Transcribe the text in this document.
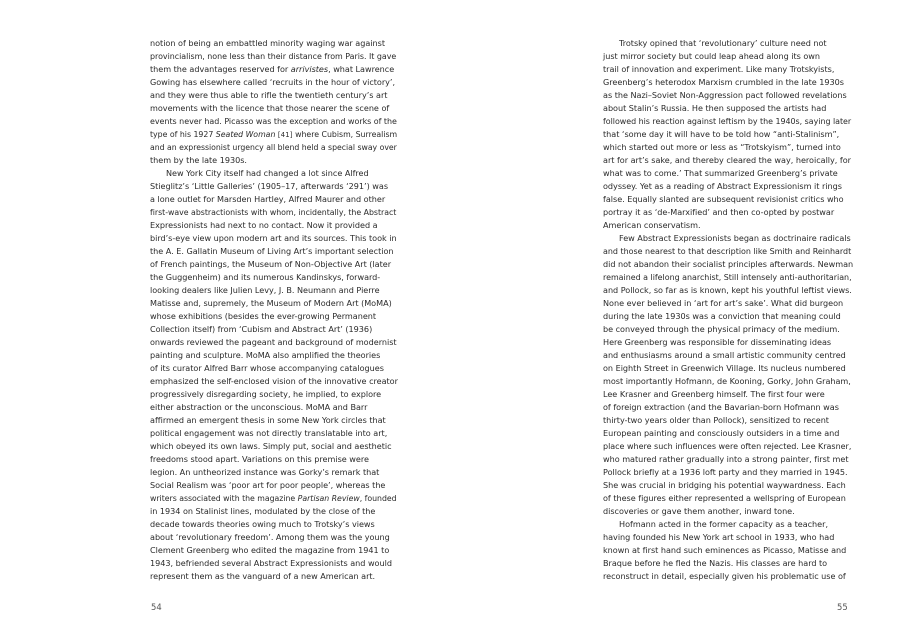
notion of being an embattled minority waging war against
provincialism, none less than their distance from Paris. It gave
them the advantages reserved for arrivistes, what Lawrence
Gowing has elsewhere called ‘recruits in the hour of victory’,
and they were thus able to rifle the twentieth century’s art
movements with the licence that those nearer the scene of
events never had. Picasso was the exception and works of the
type of his 1927 Seated Woman [41] where Cubism, Surrealism
and an expressionist urgency all blend held a special sway over
them by the late 1930s.
New York City itself had changed a lot since Alfred
Stieglitz’s ‘Little Galleries’ (1905–17, afterwards ‘291’) was
a lone outlet for Marsden Hartley, Alfred Maurer and other
first-wave abstractionists with whom, incidentally, the Abstract
Expressionists had next to no contact. Now it provided a
bird’s-eye view upon modern art and its sources. This took in
the A. E. Gallatin Museum of Living Art’s important selection
of French paintings, the Museum of Non-Objective Art (later
the Guggenheim) and its numerous Kandinskys, forward-
looking dealers like Julien Levy, J. B. Neumann and Pierre
Matisse and, supremely, the Museum of Modern Art (MoMA)
whose exhibitions (besides the ever-growing Permanent
Collection itself) from ‘Cubism and Abstract Art’ (1936)
onwards reviewed the pageant and background of modernist
painting and sculpture. MoMA also amplified the theories
of its curator Alfred Barr whose accompanying catalogues
emphasized the self-enclosed vision of the innovative creator
progressively disregarding society, he implied, to explore
either abstraction or the unconscious. MoMA and Barr
affirmed an emergent thesis in some New York circles that
political engagement was not directly translatable into art,
which obeyed its own laws. Simply put, social and aesthetic
freedoms stood apart. Variations on this premise were
legion. An untheorized instance was Gorky’s remark that
Social Realism was ‘poor art for poor people’, whereas the
writers associated with the magazine Partisan Review, founded
in 1934 on Stalinist lines, modulated by the close of the
decade towards theories owing much to Trotsky’s views
about ‘revolutionary freedom’. Among them was the young
Clement Greenberg who edited the magazine from 1941 to
1943, befriended several Abstract Expressionists and would
represent them as the vanguard of a new American art.
54
Trotsky opined that ‘revolutionary’ culture need not
just mirror society but could leap ahead along its own
trail of innovation and experiment. Like many Trotskyists,
Greenberg’s heterodox Marxism crumbled in the late 1930s
as the Nazi–Soviet Non-Aggression pact followed revelations
about Stalin’s Russia. He then supposed the artists had
followed his reaction against leftism by the 1940s, saying later
that ‘some day it will have to be told how “anti-Stalinism”,
which started out more or less as “Trotskyism”, turned into
art for art’s sake, and thereby cleared the way, heroically, for
what was to come.’ That summarized Greenberg’s private
odyssey. Yet as a reading of Abstract Expressionism it rings
false. Equally slanted are subsequent revisionist critics who
portray it as ‘de-Marxified’ and then co-opted by postwar
American conservatism.
Few Abstract Expressionists began as doctrinaire radicals
and those nearest to that description like Smith and Reinhardt
did not abandon their socialist principles afterwards. Newman
remained a lifelong anarchist, Still intensely anti-authoritarian,
and Pollock, so far as is known, kept his youthful leftist views.
None ever believed in ‘art for art’s sake’. What did burgeon
during the late 1930s was a conviction that meaning could
be conveyed through the physical primacy of the medium.
Here Greenberg was responsible for disseminating ideas
and enthusiasms around a small artistic community centred
on Eighth Street in Greenwich Village. Its nucleus numbered
most importantly Hofmann, de Kooning, Gorky, John Graham,
Lee Krasner and Greenberg himself. The first four were
of foreign extraction (and the Bavarian-born Hofmann was
thirty-two years older than Pollock), sensitized to recent
European painting and consciously outsiders in a time and
place where such influences were often rejected. Lee Krasner,
who matured rather gradually into a strong painter, first met
Pollock briefly at a 1936 loft party and they married in 1945.
She was crucial in bridging his potential waywardness. Each
of these figures either represented a wellspring of European
discoveries or gave them another, inward tone.
Hofmann acted in the former capacity as a teacher,
having founded his New York art school in 1933, who had
known at first hand such eminences as Picasso, Matisse and
Braque before he fled the Nazis. His classes are hard to
reconstruct in detail, especially given his problematic use of
55
